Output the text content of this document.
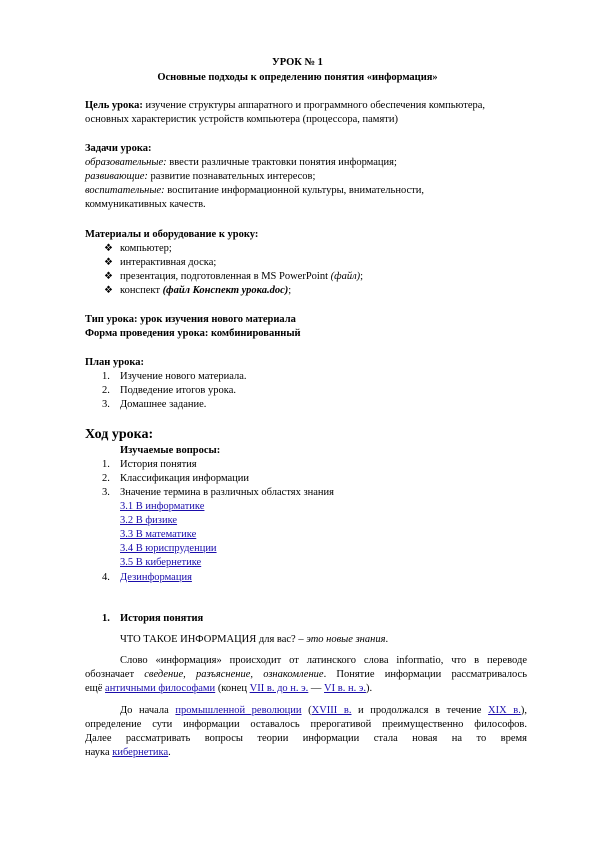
УРОК № 1
Основные подходы к определению понятия «информация»
Цель урока: изучение структуры аппаратного и программного обеспечения компьютера,
основных характеристик устройств компьютера (процессора, памяти)
Задачи урока:
образовательные: ввести различные трактовки понятия информация;
развивающие: развитие познавательных интересов;
воспитательные: воспитание информационной культуры, внимательности,
коммуникативных качеств.
Материалы и оборудование к уроку:
❖ компьютер;
❖ интерактивная доска;
❖ презентация, подготовленная в MS PowerPoint (файл);
❖ конспект (файл Конспект урока.doc);
Тип урока: урок изучения нового материала
Форма проведения урока: комбинированный
План урока:
1. Изучение нового материала.
2. Подведение итогов урока.
3. Домашнее задание.
Ход урока:
Изучаемые вопросы:
1. История понятия
2. Классификация информации
3. Значение термина в различных областях знания
3.1 В информатике
3.2 В физике
3.3 В математике
3.4 В юриспруденции
3.5 В кибернетике
4. Дезинформация
1. История понятия
ЧТО ТАКОЕ ИНФОРМАЦИЯ для вас? – это новые знания.
Слово «информация» происходит от латинского слова informatio, что в переводе
обозначает сведение, разъяснение, ознакомление. Понятие информации рассматривалось
ещё античными философами (конец VII в. до н. э. — VI в. н. э.).
До начала промышленной революции (XVIII в. и продолжался в течение XIX в.),
определение сути информации оставалось прерогативой преимущественно философов.
Далее рассматривать вопросы теории информации стала новая на то время
наука кибернетика.
